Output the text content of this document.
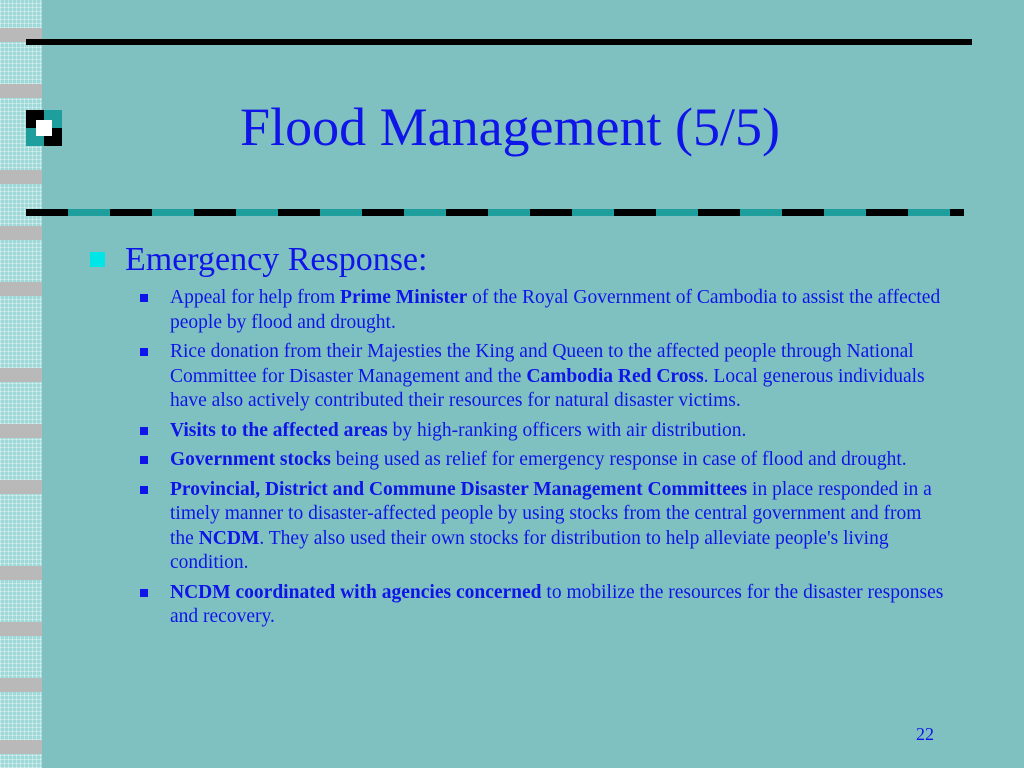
Flood Management (5/5)
Emergency Response:
Appeal for help from Prime Minister of the Royal Government of Cambodia to assist the affected people by flood and drought.
Rice donation from their Majesties the King and Queen to the affected people through National Committee for Disaster Management and the Cambodia Red Cross. Local generous individuals have also actively contributed their resources for natural disaster victims.
Visits to the affected areas by high-ranking officers with air distribution.
Government stocks being used as relief for emergency response in case of flood and drought.
Provincial, District and Commune Disaster Management Committees in place responded in a timely manner to disaster-affected people by using stocks from the central government and from the NCDM. They also used their own stocks for distribution to help alleviate people's living condition.
NCDM coordinated with agencies concerned to mobilize the resources for the disaster responses and recovery.
22
